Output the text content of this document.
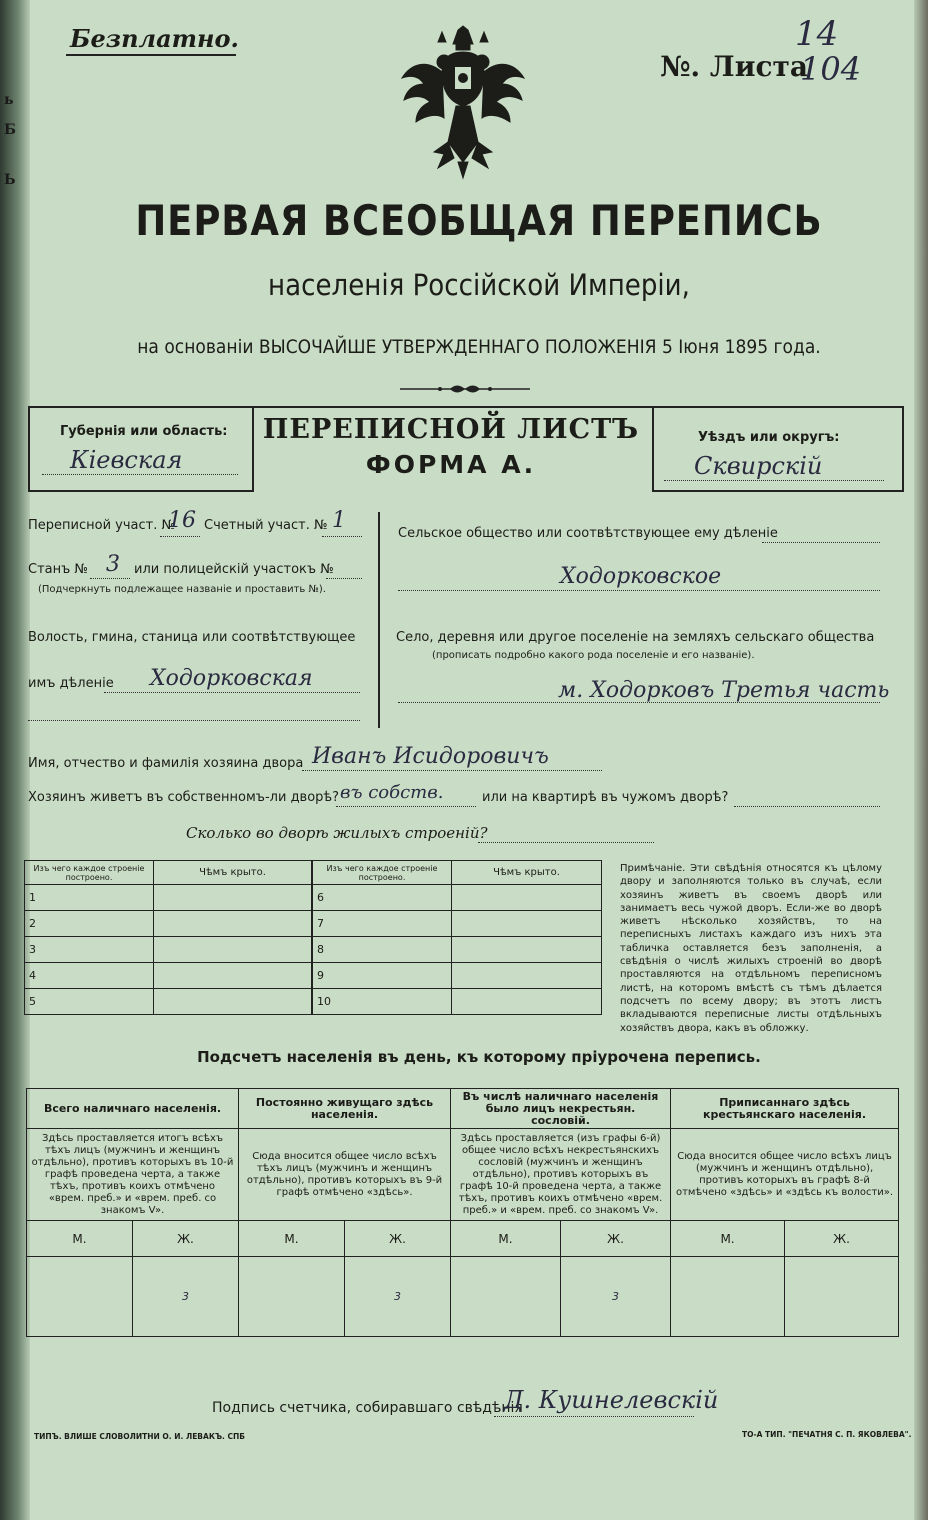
ь
Б
Ь
Безплатно.
№. Листа
14
104
ПЕРВАЯ ВСЕОБЩАЯ ПЕРЕПИСЬ
населенія Россійской Имперіи,
на основаніи ВЫСОЧАЙШЕ УТВЕРЖДЕННАГО ПОЛОЖЕНІЯ 5 Іюня 1895 года.
Губернія или область:
Кіевская
ПЕРЕПИСНОЙ ЛИСТЪ
ФОРМА А.
Уѣздъ или округъ:
Сквирскій
Переписной участ. №
16 Счетный участ. № 1
Станъ № 3 или полицейскій участокъ №
(Подчеркнуть подлежащее названіе и проставить №).
Волость, гмина, станица или соотвѣтствующее
имъ дѣленіе Ходорковская
Сельское общество или соотвѣтствующее ему дѣленіе
Ходорковское
Село, деревня или другое поселеніе на земляхъ сельскаго общества
(прописать подробно какого рода поселеніе и его названіе).
м. Ходорковъ Третья часть
Имя, отчество и фамилія хозяина двора Иванъ Исидоровичъ
Хозяинъ живетъ въ собственномъ-ли дворѣ? въ собств.	или на квартирѣ въ чужомъ дворѣ?
Сколько во дворѣ жилыхъ строеній?
Изъ чего каждое строеніе построено.	Чѣмъ крыто.
1	
2	
3	
4	
5	
Изъ чего каждое строеніе построено.	Чѣмъ крыто.
6	
7	
8	
9	
10	
Примѣчаніе. Эти свѣдѣнія относятся къ цѣлому двору и заполняются только въ случаѣ, если хозяинъ живетъ въ своемъ дворѣ или занимаетъ весь чужой дворъ. Если-же во дворѣ живетъ нѣсколько хозяйствъ, то на переписныхъ листахъ каждаго изъ нихъ эта табличка оставляется безъ заполненія, а свѣдѣнія о числѣ жилыхъ строеній во дворѣ проставляются на отдѣльномъ переписномъ листѣ, на которомъ вмѣстѣ съ тѣмъ дѣлается подсчетъ по всему двору; въ этотъ листъ вкладываются переписные листы отдѣльныхъ хозяйствъ двора, какъ въ обложку.
Подсчетъ населенія въ день, къ которому пріурочена перепись.
Всего наличнаго населенія.		Постоянно живущаго здѣсь населенія.		Въ числѣ наличнаго населенія было лицъ некрестьян. сословій.		Приписаннаго здѣсь крестьянскаго населенія.	
Здѣсь проставляется итогъ всѣхъ тѣхъ лицъ (мужчинъ и женщинъ отдѣльно), противъ которыхъ въ 10-й графѣ проведена черта, а также тѣхъ, противъ коихъ отмѣчено «врем. преб.» и «врем. преб. со знакомъ V».		Сюда вносится общее число всѣхъ тѣхъ лицъ (мужчинъ и женщинъ отдѣльно), противъ которыхъ въ 9-й графѣ отмѣчено «здѣсь».		Здѣсь проставляется (изъ графы 6-й) общее число всѣхъ некрестьянскихъ сословій (мужчинъ и женщинъ отдѣльно), противъ которыхъ въ графѣ 10-й проведена черта, а также тѣхъ, противъ коихъ отмѣчено «врем. преб.» и «врем. преб. со знакомъ V».		Сюда вносится общее число всѣхъ лицъ (мужчинъ и женщинъ отдѣльно), противъ которыхъ въ графѣ 8-й отмѣчено «здѣсь» и «здѣсь къ волости».	
М.	Ж.	М.	Ж.	М.	Ж.	М.	Ж.
	3		3		3		
Подпись счетчика, собиравшаго свѣдѣнія
Д. Кушнелевскій
ТИПЪ. ВЛИШЕ СЛОВОЛИТНИ О. И. ЛЕВАКЪ. СПБ	ТО-А ТИП. "ПЕЧАТНЯ С. П. ЯКОВЛЕВА".
